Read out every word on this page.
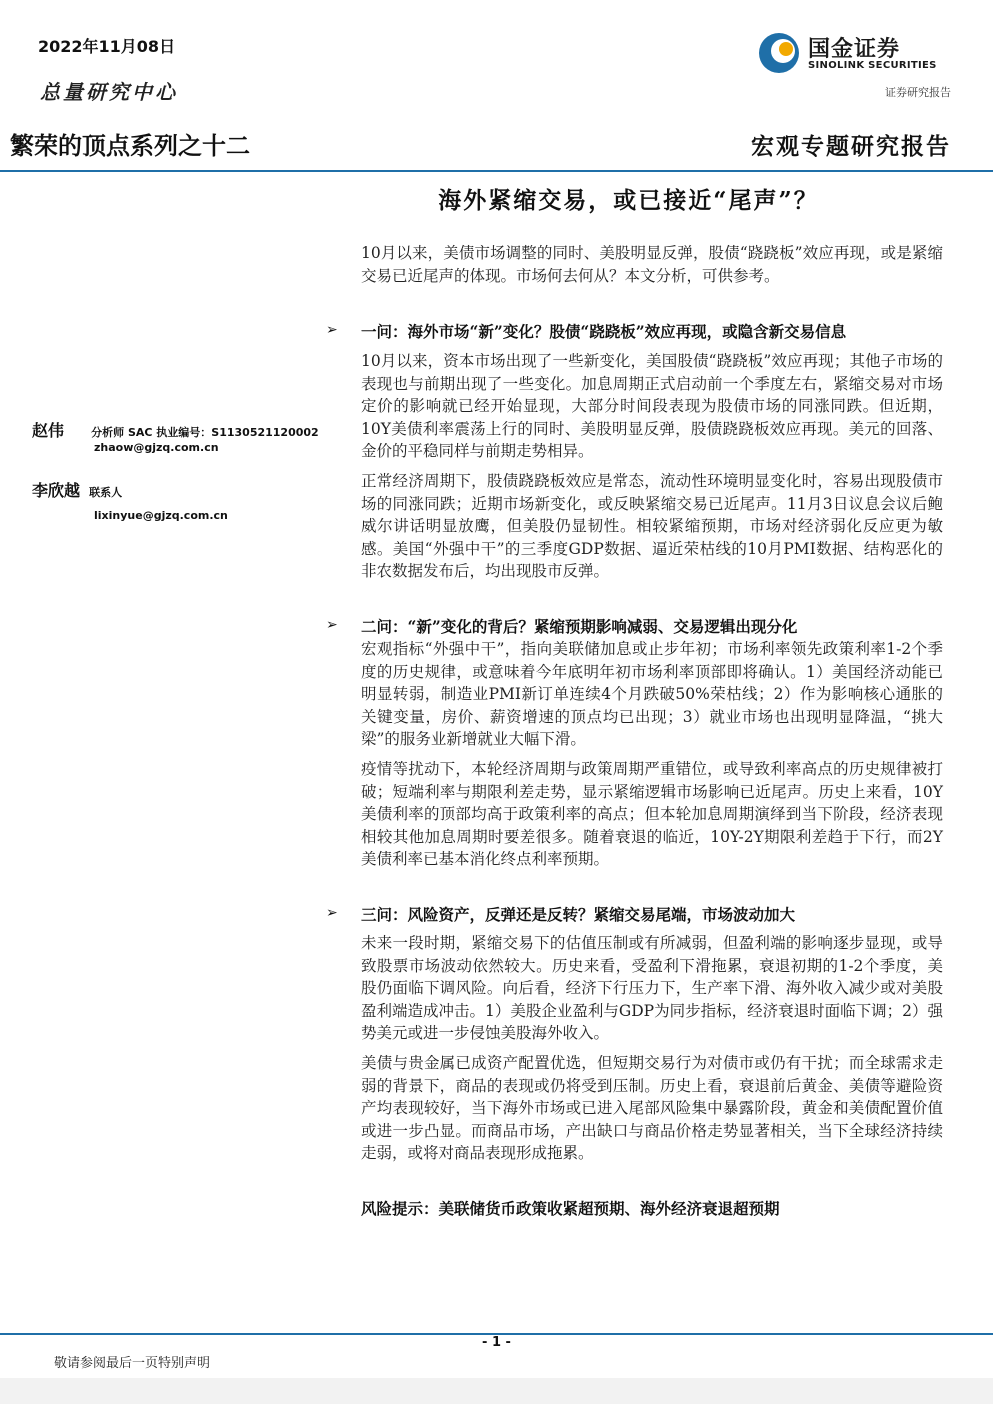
2022年11月08日
总量研究中心
繁荣的顶点系列之十二	宏观专题研究报告
国金证券
SINOLINK SECURITIES
证券研究报告
海外紧缩交易，或已接近“尾声”？
10月以来，美债市场调整的同时、美股明显反弹，股债“跷跷板”效应再现，或是紧缩交易已近尾声的体现。市场何去何从？本文分析，可供参考。
➢ 一问：海外市场“新”变化？股债“跷跷板”效应再现，或隐含新交易信息
10月以来，资本市场出现了一些新变化，美国股债“跷跷板”效应再现；其他子市场的表现也与前期出现了一些变化。加息周期正式启动前一个季度左右，紧缩交易对市场定价的影响就已经开始显现，大部分时间段表现为股债市场的同涨同跌。但近期，10Y美债利率震荡上行的同时、美股明显反弹，股债跷跷板效应再现。美元的回落、金价的平稳同样与前期走势相异。
正常经济周期下，股债跷跷板效应是常态，流动性环境明显变化时，容易出现股债市场的同涨同跌；近期市场新变化，或反映紧缩交易已近尾声。11月3日议息会议后鲍威尔讲话明显放鹰，但美股仍显韧性。相较紧缩预期，市场对经济弱化反应更为敏感。美国“外强中干”的三季度GDP数据、逼近荣枯线的10月PMI数据、结构恶化的非农数据发布后，均出现股市反弹。
赵伟 分析师 SAC 执业编号：S1130521120002
zhaow@gjzq.com.cn
李欣越 联系人
lixinyue@gjzq.com.cn
➢ 二问：“新”变化的背后？紧缩预期影响减弱、交易逻辑出现分化
宏观指标“外强中干”，指向美联储加息或止步年初；市场利率领先政策利率1-2个季度的历史规律，或意味着今年底明年初市场利率顶部即将确认。1）美国经济动能已明显转弱，制造业PMI新订单连续4个月跌破50%荣枯线；2）作为影响核心通胀的关键变量，房价、薪资增速的顶点均已出现；3）就业市场也出现明显降温，“挑大梁”的服务业新增就业大幅下滑。
疫情等扰动下，本轮经济周期与政策周期严重错位，或导致利率高点的历史规律被打破；短端利率与期限利差走势，显示紧缩逻辑市场影响已近尾声。历史上来看，10Y美债利率的顶部均高于政策利率的高点；但本轮加息周期演绎到当下阶段，经济表现相较其他加息周期时要差很多。随着衰退的临近，10Y-2Y期限利差趋于下行，而2Y美债利率已基本消化终点利率预期。
➢ 三问：风险资产，反弹还是反转？紧缩交易尾端，市场波动加大
未来一段时期，紧缩交易下的估值压制或有所减弱，但盈利端的影响逐步显现，或导致股票市场波动依然较大。历史来看，受盈利下滑拖累，衰退初期的1-2个季度，美股仍面临下调风险。向后看，经济下行压力下，生产率下滑、海外收入减少或对美股盈利端造成冲击。1）美股企业盈利与GDP为同步指标，经济衰退时面临下调；2）强势美元或进一步侵蚀美股海外收入。
美债与贵金属已成资产配置优选，但短期交易行为对债市或仍有干扰；而全球需求走弱的背景下，商品的表现或仍将受到压制。历史上看，衰退前后黄金、美债等避险资产均表现较好，当下海外市场或已进入尾部风险集中暴露阶段，黄金和美债配置价值或进一步凸显。而商品市场，产出缺口与商品价格走势显著相关，当下全球经济持续走弱，或将对商品表现形成拖累。
风险提示：美联储货币政策收紧超预期、海外经济衰退超预期
- 1 -
敬请参阅最后一页特别声明
